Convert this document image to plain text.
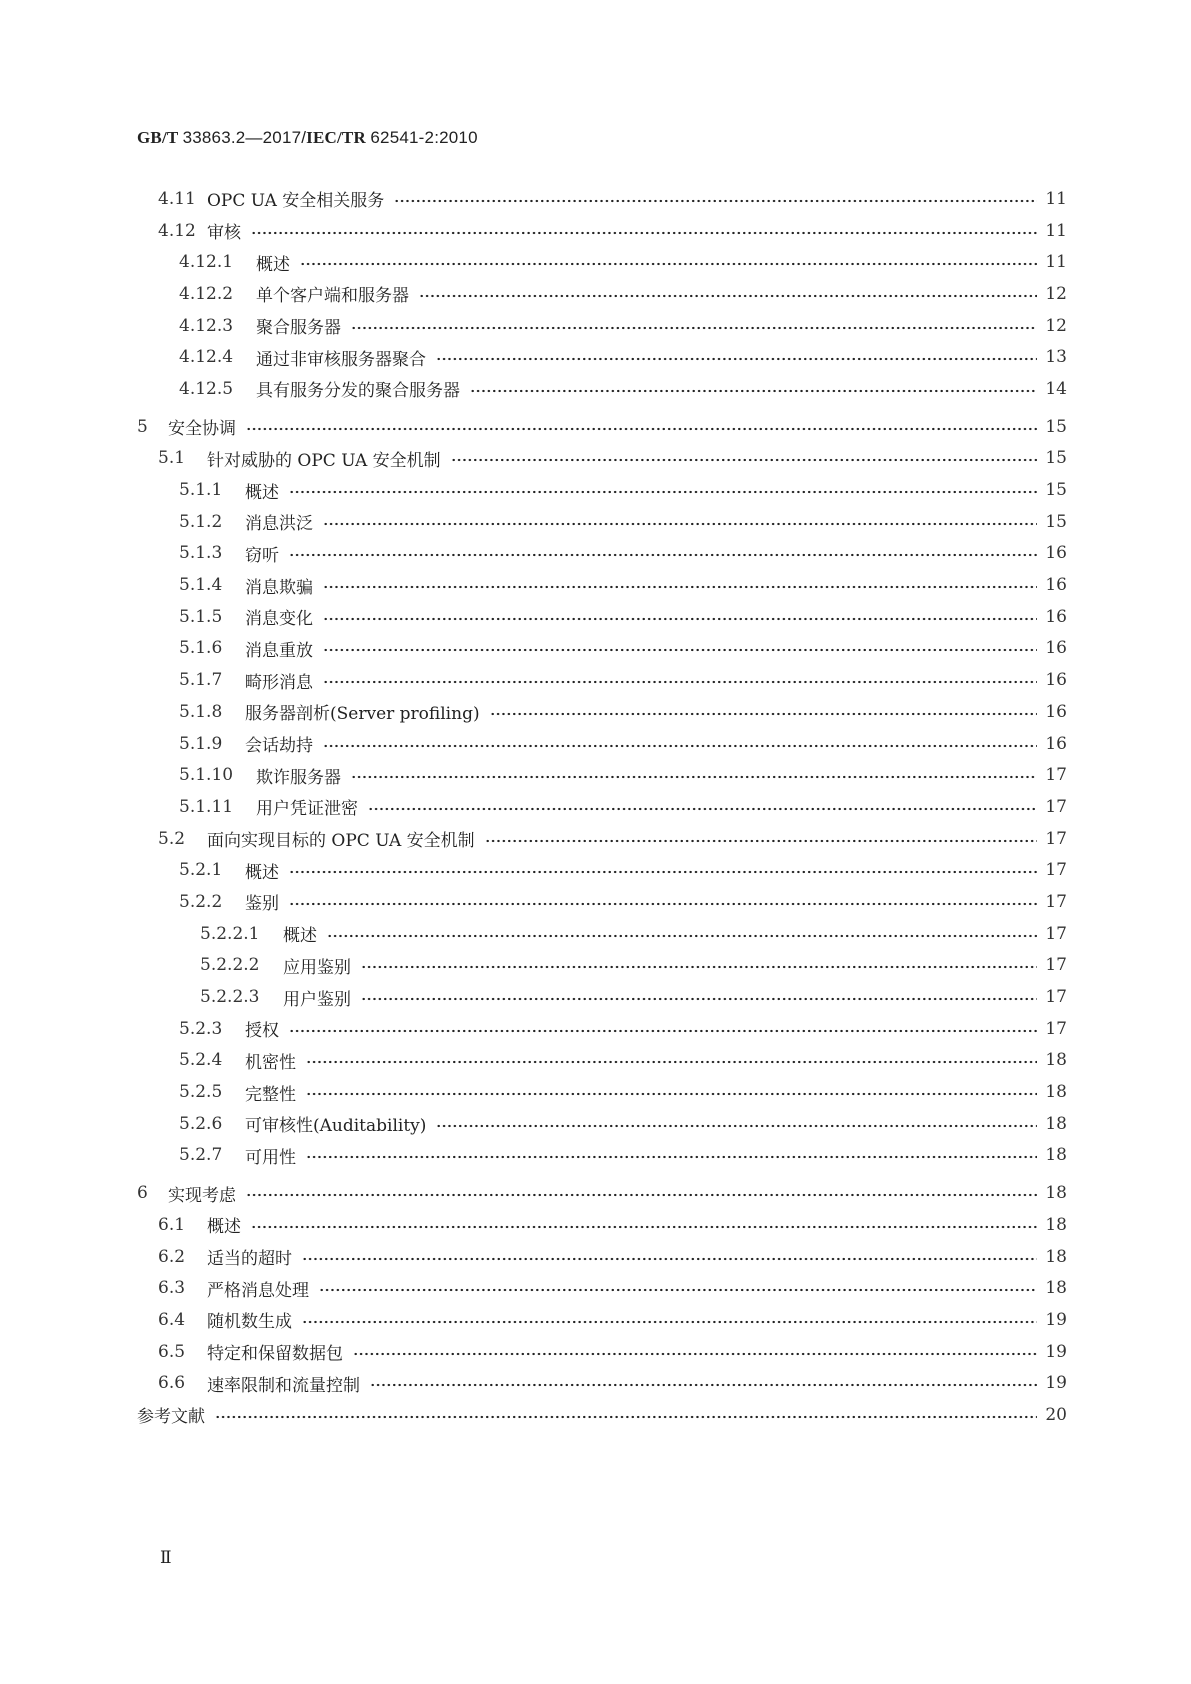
GB/T 33863.2—2017/IEC/TR 62541-2:2010
4.11 OPC UA 安全相关服务	11
4.12 审核	11
4.12.1	概述	11
4.12.2	单个客户端和服务器	12
4.12.3	聚合服务器	12
4.12.4	通过非审核服务器聚合	13
4.12.5	具有服务分发的聚合服务器	14
5	安全协调	15
5.1	针对威胁的 OPC UA 安全机制	15
5.1.1	概述	15
5.1.2	消息洪泛	15
5.1.3	窃听	16
5.1.4	消息欺骗	16
5.1.5	消息变化	16
5.1.6	消息重放	16
5.1.7	畸形消息	16
5.1.8	服务器剖析(Server profiling)	16
5.1.9	会话劫持	16
5.1.10	欺诈服务器	17
5.1.11	用户凭证泄密	17
5.2	面向实现目标的 OPC UA 安全机制	17
5.2.1	概述	17
5.2.2	鉴别	17
5.2.2.1	概述	17
5.2.2.2	应用鉴别	17
5.2.2.3	用户鉴别	17
5.2.3	授权	17
5.2.4	机密性	18
5.2.5	完整性	18
5.2.6	可审核性(Auditability)	18
5.2.7	可用性	18
6	实现考虑	18
6.1	概述	18
6.2	适当的超时	18
6.3	严格消息处理	18
6.4	随机数生成	19
6.5	特定和保留数据包	19
6.6	速率限制和流量控制	19
参考文献	20
Ⅱ
